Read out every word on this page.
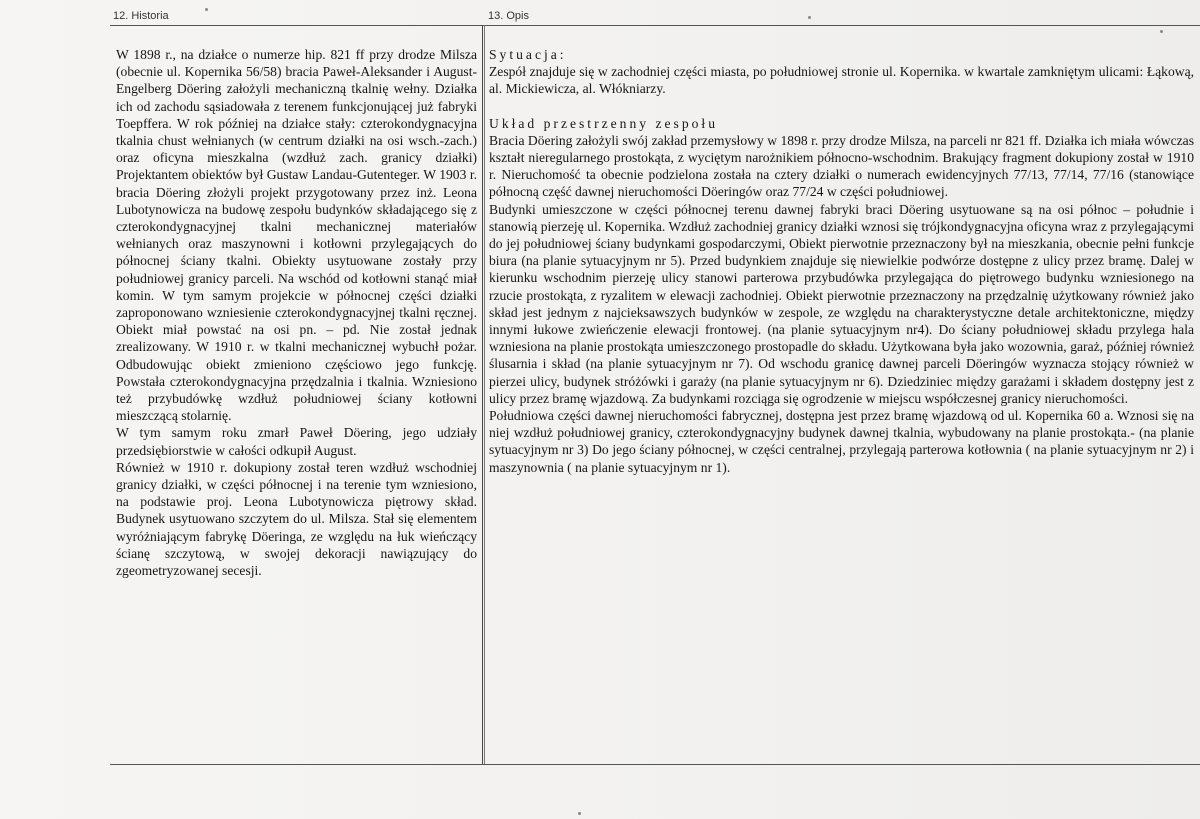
12. Historia	13. Opis

W 1898 r., na działce o numerze hip. 821 ff przy drodze Milsza (obecnie ul. Kopernika 56/58) bracia Paweł-Aleksander i August-Engelberg Döering założyli mechaniczną tkalnię wełny. Działka ich od zachodu sąsiadowała z terenem funkcjonującej już fabryki Toepffera. W rok później na działce stały: czterokondygnacyjna tkalnia chust wełnianych (w centrum działki na osi wsch.-zach.) oraz oficyna mieszkalna (wzdłuż zach. granicy działki) Projektantem obiektów był Gustaw Landau-Gutenteger. W 1903 r. bracia Döering złożyli projekt przygotowany przez inż. Leona Lubotynowicza na budowę zespołu budynków składającego się z czterokondygnacyjnej tkalni mechanicznej materiałów wełnianych oraz maszynowni i kotłowni przylegających do północnej ściany tkalni. Obiekty usytuowane zostały przy południowej granicy parceli. Na wschód od kotłowni stanąć miał komin. W tym samym projekcie w północnej części działki zaproponowano wzniesienie czterokondygnacyjnej tkalni ręcznej. Obiekt miał powstać na osi pn. – pd. Nie został jednak zrealizowany. W 1910 r. w tkalni mechanicznej wybuchł pożar. Odbudowując obiekt zmieniono częściowo jego funkcję. Powstała czterokondygnacyjna przędzalnia i tkalnia. Wzniesiono też przybudówkę wzdłuż południowej ściany kotłowni mieszczącą stolarnię.

W tym samym roku zmarł Paweł Döering, jego udziały przedsiębiorstwie w całości odkupił August.

Również w 1910 r. dokupiony został teren wzdłuż wschodniej granicy działki, w części północnej i na terenie tym wzniesiono, na podstawie proj. Leona Lubotynowicza piętrowy skład. Budynek usytuowano szczytem do ul. Milsza. Stał się elementem wyróżniającym fabrykę Döeringa, ze względu na łuk wieńczący ścianę szczytową, w swojej dekoracji nawiązujący do zgeometryzowanej secesji.

Sytuacja:

Zespół znajduje się w zachodniej części miasta, po południowej stronie ul. Kopernika. w kwartale zamkniętym ulicami: Łąkową, al. Mickiewicza, al. Włókniarzy.

Układ przestrzenny zespołu

Bracia Döering założyli swój zakład przemysłowy w 1898 r. przy drodze Milsza, na parceli nr 821 ff. Działka ich miała wówczas kształt nieregularnego prostokąta, z wyciętym narożnikiem północno-wschodnim. Brakujący fragment dokupiony został w 1910 r. Nieruchomość ta obecnie podzielona została na cztery działki o numerach ewidencyjnych 77/13, 77/14, 77/16 (stanowiące północną część dawnej nieruchomości Döeringów oraz 77/24 w części południowej.

Budynki umieszczone w części północnej terenu dawnej fabryki braci Döering usytuowane są na osi północ – południe i stanowią pierzeję ul. Kopernika. Wzdłuż zachodniej granicy działki wznosi się trójkondygnacyjna oficyna wraz z przylegającymi do jej południowej ściany budynkami gospodarczymi, Obiekt pierwotnie przeznaczony był na mieszkania, obecnie pełni funkcje biura (na planie sytuacyjnym nr 5). Przed budynkiem znajduje się niewielkie podwórze dostępne z ulicy przez bramę. Dalej w kierunku wschodnim pierzeję ulicy stanowi parterowa przybudówka przylegająca do piętrowego budynku wzniesionego na rzucie prostokąta, z ryzalitem w elewacji zachodniej. Obiekt pierwotnie przeznaczony na przędzalnię użytkowany również jako skład jest jednym z najcieksawszych budynków w zespole, ze względu na charakterystyczne detale architektoniczne, między innymi łukowe zwieńczenie elewacji frontowej. (na planie sytuacyjnym nr4). Do ściany południowej składu przylega hala wzniesiona na planie prostokąta umieszczonego prostopadle do składu. Użytkowana była jako wozownia, garaż, później również ślusarnia i skład (na planie sytuacyjnym nr 7). Od wschodu granicę dawnej parceli Döeringów wyznacza stojący również w pierzei ulicy, budynek stróżówki i garaży (na planie sytuacyjnym nr 6). Dziedziniec między garażami i składem dostępny jest z ulicy przez bramę wjazdową. Za budynkami rozciąga się ogrodzenie w miejscu współczesnej granicy nieruchomości.

Południowa części dawnej nieruchomości fabrycznej, dostępna jest przez bramę wjazdową od ul. Kopernika 60 a. Wznosi się na niej wzdłuż południowej granicy, czterokondygnacyjny budynek dawnej tkalnia, wybudowany na planie prostokąta.- (na planie sytuacyjnym nr 3) Do jego ściany północnej, w części centralnej, przylegają parterowa kotłownia ( na planie sytuacyjnym nr 2) i maszynownia ( na planie sytuacyjnym nr 1).
